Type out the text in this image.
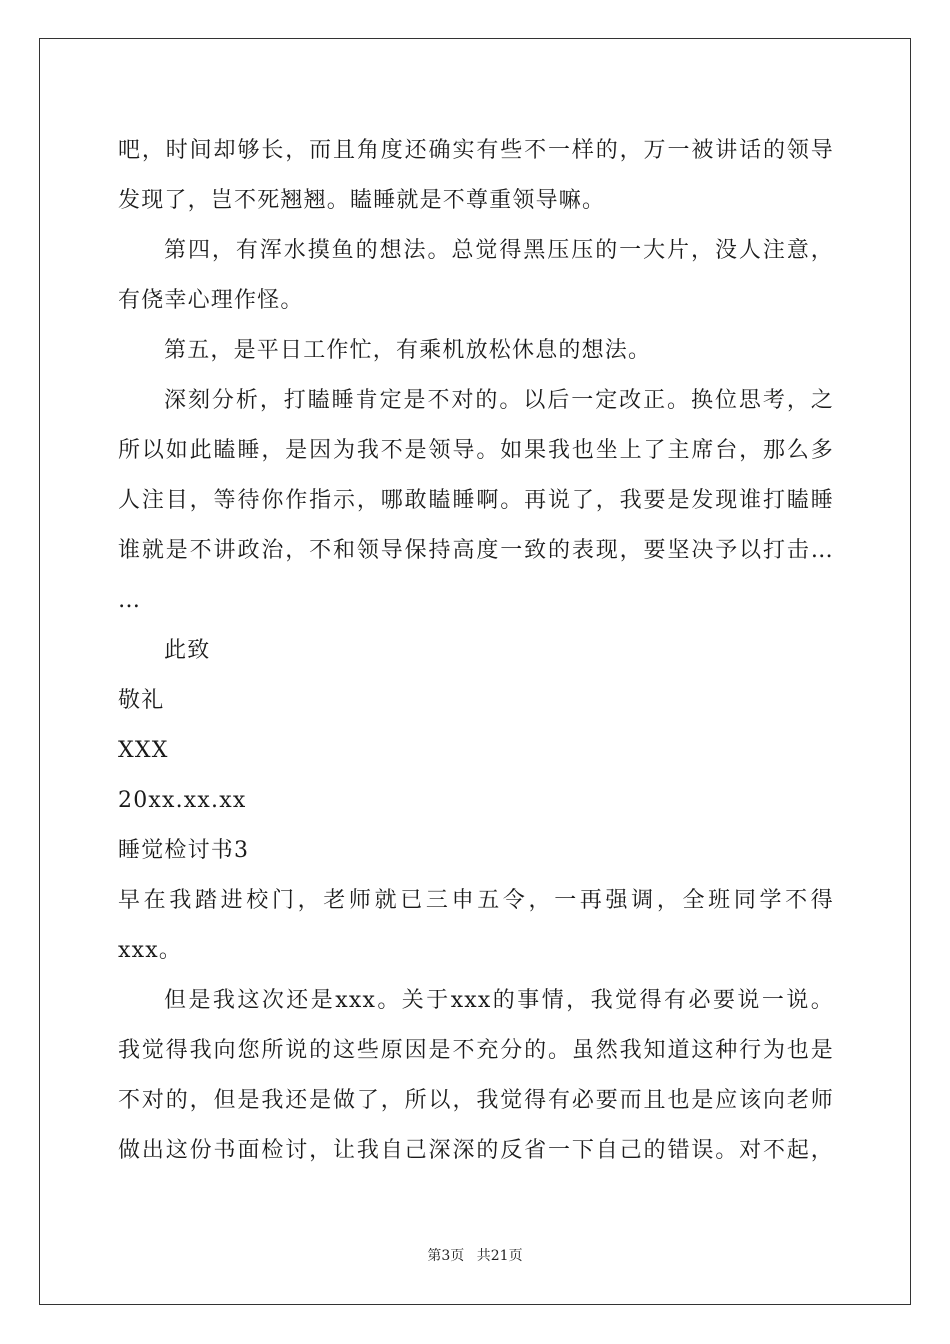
吧，时间却够长，而且角度还确实有些不一样的，万一被讲话的领导
发现了，岂不死翘翘。瞌睡就是不尊重领导嘛。
第四，有浑水摸鱼的想法。总觉得黑压压的一大片，没人注意，
有侥幸心理作怪。
第五，是平日工作忙，有乘机放松休息的想法。
深刻分析，打瞌睡肯定是不对的。以后一定改正。换位思考，之
所以如此瞌睡，是因为我不是领导。如果我也坐上了主席台，那么多
人注目，等待你作指示，哪敢瞌睡啊。再说了，我要是发现谁打瞌睡
谁就是不讲政治，不和领导保持高度一致的表现，要坚决予以打击…
…
此致
敬礼
XXX
20xx.xx.xx
睡觉检讨书3
早在我踏进校门，老师就已三申五令，一再强调，全班同学不得
xxx。
但是我这次还是xxx。关于xxx的事情，我觉得有必要说一说。
我觉得我向您所说的这些原因是不充分的。虽然我知道这种行为也是
不对的，但是我还是做了，所以，我觉得有必要而且也是应该向老师
做出这份书面检讨，让我自己深深的反省一下自己的错误。对不起，
第3页 共21页
